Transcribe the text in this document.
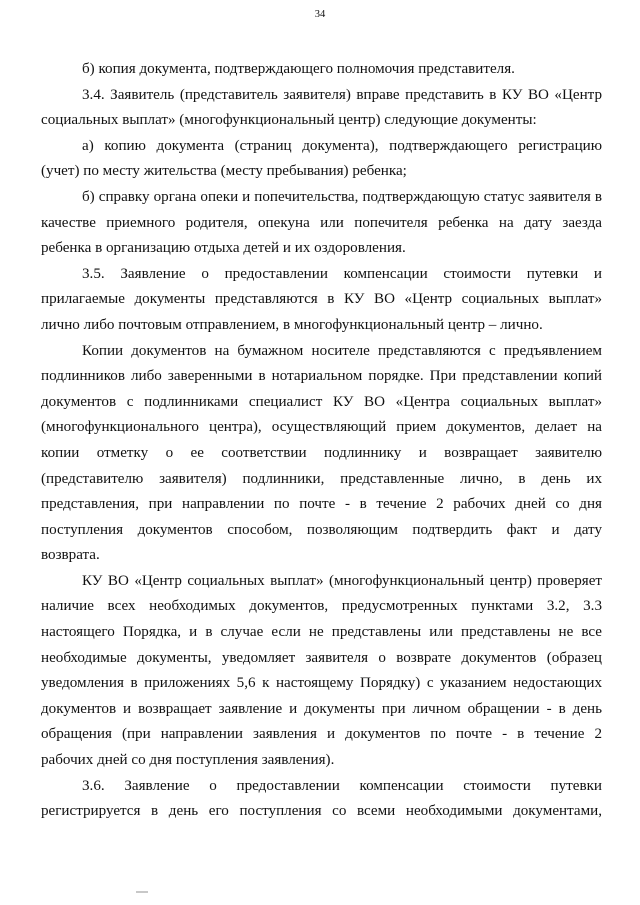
34
б) копия документа, подтверждающего полномочия представителя.
3.4. Заявитель (представитель заявителя) вправе представить в КУ ВО «Центр
социальных выплат» (многофункциональный центр) следующие документы:
а) копию документа (страниц документа), подтверждающего регистрацию
(учет) по месту жительства (месту пребывания) ребенка;
б) справку органа опеки и попечительства, подтверждающую статус заявителя в
качестве приемного родителя, опекуна или попечителя ребенка на дату заезда
ребенка в организацию отдыха детей и их оздоровления.
3.5. Заявление о предоставлении компенсации стоимости путевки и
прилагаемые документы представляются в КУ ВО «Центр социальных выплат»
лично либо почтовым отправлением, в многофункциональный центр – лично.
Копии документов на бумажном носителе представляются с предъявлением
подлинников либо заверенными в нотариальном порядке. При представлении копий
документов с подлинниками специалист КУ ВО «Центра социальных выплат»
(многофункционального центра), осуществляющий прием документов, делает на
копии отметку о ее соответствии подлиннику и возвращает заявителю
(представителю заявителя) подлинники, представленные лично, в день их
представления, при направлении по почте - в течение 2 рабочих дней со дня
поступления документов способом, позволяющим подтвердить факт и дату
возврата.
КУ ВО «Центр социальных выплат» (многофункциональный центр) проверяет
наличие всех необходимых документов, предусмотренных пунктами 3.2, 3.3
настоящего Порядка, и в случае если не представлены или представлены не все
необходимые документы, уведомляет заявителя о возврате документов (образец
уведомления в приложениях 5,6 к настоящему Порядку) с указанием недостающих
документов и возвращает заявление и документы при личном обращении - в день
обращения (при направлении заявления и документов по почте - в течение 2
рабочих дней со дня поступления заявления).
3.6. Заявление о предоставлении компенсации стоимости путевки
регистрируется в день его поступления со всеми необходимыми документами,
